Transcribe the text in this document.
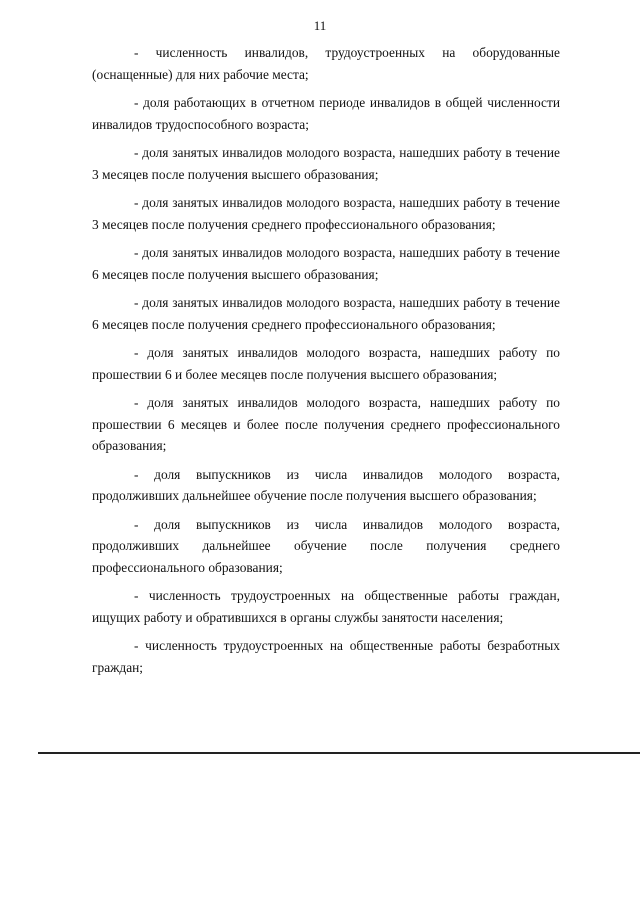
11

- численность инвалидов, трудоустроенных на оборудованные (оснащенные) для них рабочие места;

- доля работающих в отчетном периоде инвалидов в общей численности инвалидов трудоспособного возраста;

- доля занятых инвалидов молодого возраста, нашедших работу в течение 3 месяцев после получения высшего образования;

- доля занятых инвалидов молодого возраста, нашедших работу в течение 3 месяцев после получения среднего профессионального образования;

- доля занятых инвалидов молодого возраста, нашедших работу в течение 6 месяцев после получения высшего образования;

- доля занятых инвалидов молодого возраста, нашедших работу в течение 6 месяцев после получения среднего профессионального образования;

- доля занятых инвалидов молодого возраста, нашедших работу по прошествии 6 и более месяцев после получения высшего образования;

- доля занятых инвалидов молодого возраста, нашедших работу по прошествии 6 месяцев и более после получения среднего профессионального образования;

- доля выпускников из числа инвалидов молодого возраста, продолживших дальнейшее обучение после получения высшего образования;

- доля выпускников из числа инвалидов молодого возраста, продолживших дальнейшее обучение после получения среднего профессионального образования;

- численность трудоустроенных на общественные работы граждан, ищущих работу и обратившихся в органы службы занятости населения;

- численность трудоустроенных на общественные работы безработных граждан;
